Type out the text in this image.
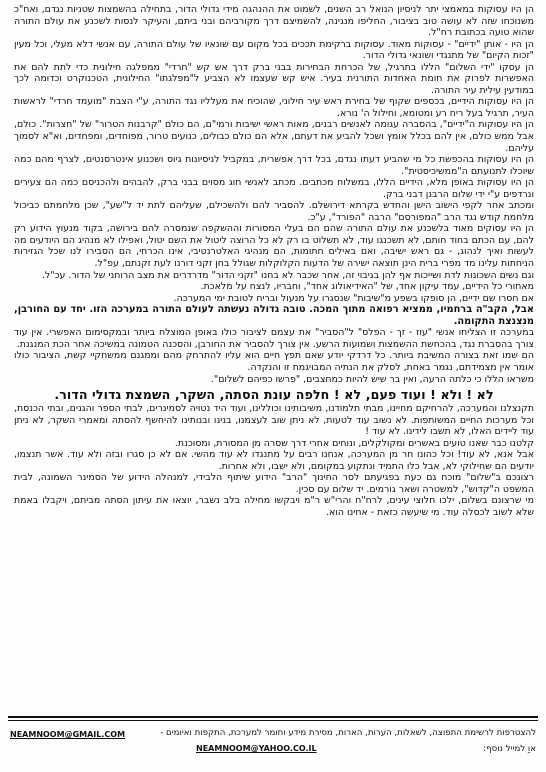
הן היו עסוקות במאמצי יתר לניסיון הנואל רב השנים, לשמוט את ההנהגה מידי גדולי הדור, בתחילה בהשמצות שטניות נגדם, ואח"כ משנוכחו שזה לא עושה טוב בציבור, החליפו מנגינה, להשמיצם דרך מקורביהם ובני ביתם, והעיקר לנסות לשכנע את עולם התורה שהוא טועה בכתובת רח"ל.

הן היו - אותן "ידיים" - עסוקות מאוד. עסוקות ברקימת תככים בכל מקום עם שונאיו של עולם התורה, עם אנשי דלא מעלי, וכל מעין "זכות הקיום" של מתנגדי ושונאי גדולי הדור.

הן עסקו "ידי השלום" הללו בתרגיל, של הכרחת הבחירות בבני ברק דרך אש קש "חרדי" ממפלגה חילונית כדי לתת להם את האפשרות לפרוק את חומת האחדות התורנית בעיר. איש קש שעצמו לא הצביע ל"מפלגתו" החילונית, הטכנוקרט וכדומה לכך במודעין עילית עיר התורה.

הן היו עסוקות הידיים, בכספים שקוף של בחירת ראש עיר חילוני, שהוכיח את מעלליו נגד התורה, ע"י הצבת "מועמד חרדי" לראשות העיר, תרגיל בעל ריח רע ומטומא, וחילול ה' נורא.

הן היו עסוקות ה"ידיים", בהסברה עגומה לאנשים רבנים, מאות ראשי ישיבות ורמי"ם, הם כולם "קרבנות הטרור" של "חצרות". כולם, אבל ממש כולם, אין להם בכלל אומץ ושכל להביע את דעתם, אלא הם כולם כבולים, כנועים טרור, מפוחדים, ומפחדים, וא"א לסמוך עליהם.

הן היו עסוקות בהכפשת כל מי שהביע דעתו נגדם, בכל דרך אפשרית, במקביל לניסיונות גיוס ושכנוע אינטרסנטים, לצרף מהם כמה שיוכלו לתנועתם ה"ממשיכיסטית".

הן היו עסוקות באופן מלא, הידיים הללו, במשלוח מכתבים. מכתב לאנשי חוג מסוים בבני ברק, להבהים ולהכניסם כמה הם צעירים ונרדפים ע"י ידי שלום הרבנן דבני ברק.

ומכתב אחר לקפי הישוב הישן והחדש בקרתא דירושלם. להסביר להם ולהשכילם, שעליהם לתת יד ל"שע", שכן מלחמתם כביכול מלחמת קודש נגד הרב "המפורסם" הרבה "הפורד", ע"כ.

הן היו עסוקים מאוד בלשכנע את עולם התורה שהם הם בעלי המסורות וההשקפה שנמסרה להם בירושה, בקוד מנעוץ הידוע רק להם, עם הכתם בחוד חותם, לא תשכנגו עוד, לא תשלוט בו רק לא כל הרוצה ליטול את השם יטול, ואפילו לא מנהיג הם היודעים מה לעשות ואיך לנהוג, - גם ראש ישיבה, ואם באילים חתומות, הם מנהיגי האלטרנטיבי, אינו הכרחי, הם הסבירו לנו שכל הגזירות הניחתות עלינו מד מפרי ברית הינן תוצאה ישירה של הדעות הקלוקלות שגולל בחן זקני דורנו לעת זקנתם, עפ"ל.

וגם נשים השכונות לדת ושייכות אף להן בגיבוי זה, אחר שכבר לא בחנו "זקני הדור" מדרדרים את מצב הרוחני של הדור. עכ"ל.

מאחורי כל הידיים, עמד עיקון אחד, של "האידיאולוג אחד", וחבריו, לנצח על מלאכת.

אם חסרו שם ידיים, הן סופקו בשפע מ"שיבות" שנסגרו על מנעול ובריח לטובת ימי המערכה.

אבל, הקב"ה ברחמיו, ממציא רפואה מתוך המכה. טובה גדולה נעשתה לעולם התורה במערכה הזו. יחד עם החורבן, מנצנצת התקומה.

במערכה זו הצליחו אנשי "עוז - זך - הפלס" ל"הסביר" את עצמם לציבור כולו באופן המוצלח ביותר ובמקסימום האפשרי. אין עוד צורך בהסברת נגד, בהכחשת ההשמצות ושמועות הרשע. אין צורך להסביר את החורבן, והסכנה הטמונה במשיכה אחר הכת המנגנת.

הם שמו זאת בצורה המשיבת ביותר. כל דרדקי יודע שאם תפץ חיים הוא עליו להתרחק מהם וממגנם ממשחקיי קשת, הציבור כולו אומר אין מצמידתם, נגמר באחת, לסלק את הנתיה המבויגמת זו והנקדה.

משראו הללו כי כלתה הרעה, ואין בר שיש להיות כמחצבים, "פרשו כפיהם לשלום".

לא ! ולא ! ועוד פעם, לא ! חלפה עונת הסתה, השקר, השמצת גדולי הדור.

תקנצלנו והמערכה, להרחיקם מחיינו, מבתי תלמודנו, משיבותינו וכוללינו, ועוד היד נטויה לסמינרים, לבתי הספר והגנים, ובתי הכנסת, וכל מערכות החיים המשותפות. לא נשוב עוד לטעות, לא ניתן שוב לעצמנו, בנינו ובנותינו להיחשף להסתה ומאמרי השקר, לא ניתן עוד ליידים האלו, לא תשבו לידינו. לא עוד !

קלטנו כבר שאנו טועים באשרים ומקולקלים, ונוחים אחרי דרך שסרה מן המסורת, ומסוכנת.

אבל אנא, לא עוד! וכל כהונו חר מן המערכה, אנחנו רבים על מתנגדו לא עוד מהשי. אם לא כן סגרו ובזה ולא עוד. אשר תנצמו, יודעים הם שחילוקי לא, אבל כלו התמיד ונתקוע במקומם, ולא ישבו, ולא אחרות.

רצונכם ב"שלום" מוכח גם כעת בפגיעתם לסר החינוך "הרב" הידוע שיתוף הלבידי, למנהלה הידוע של הסמינר השמונה, לבית המשפט ה"קדוש", למשטרה ושאר גורמים. יד שלום עם סכין.

מי שרצונם בשלום, ילכו חלוצי עינים, לרח"ח והרי"ש ר"מ ויבקשו מחילה בלב נשבר, יוצאו את עיתון הסתה מביתם, ויקבלו באמת שלא לשוב לכסלה עוד. מי שיעשה כזאת - אחינו הוא.

להצטרפות לרשימת התפוצה, לשאלות, הערות, הארות, מסירת מידע וחומר למערכת, התקפות ואיומים -
NEAMNOOM@GMAIL.COM
NEAMNOOM@YAHOO.CO.IL	אוַ למייל נוסף:
